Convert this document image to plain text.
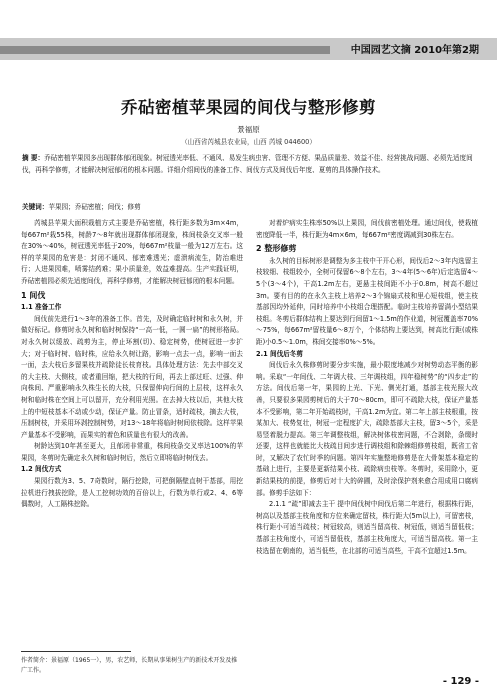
中国园艺文摘 2010年第2期
乔砧密植苹果园的间伐与整形修剪
景福原
（山西省芮城县农业局，山西 芮城 044600）
摘 要：乔砧密植苹果园多出现群体郁闭现象。树冠透光率低、不通风、易发生病虫害、管理不方便、果品质量差、效益不佳、经营挑战问题、必须先适度间伐，再科学修剪，才能解决树冠郁闭的根本问题。详细介绍间伐的准备工作、间伐方式及间伐后年度、夏剪的具体操作技术。
关键词：苹果园；乔砧密植；间伐；修剪

芮城县苹果大面积栽植方式主要是乔砧密植，株行距多数为3m×4m，每667m²栽55株，树龄7～8年就出现群体郁闭现象，株间枝条交叉率一般在30%～40%，树冠透光率低于20%，每667m²枝量一般为12万左右。这样的苹果园的危害是：封闭不通风、郁密难透光；虚溃病流生，防治难进行；人进果园难，喷雾结药难；果小质量差，效益难提高。生产实践证明，乔砧密植园必须先适度间伐，再科学修剪，才能解决树冠郁闭的根本问题。

1 间伐

1.1 准备工作

间伐前先进行1～3年的准备工作。首先，及时确定临时树和永久树，并做好标记。修剪时永久树和临时树保持“一高一低，一圆一扁”的树形格局。对永久树以缓放、疏剪为主，停止环割(切)、稳定树势，使树冠进一步扩大；对于临时树、临时株，应给永久树让路，影响一点去一点，影响一面去一面，去大枝后多留果枝并疏除徒长枝育枝。具体处理方法：先去中部交叉的大主枝、大侧枝，或者重回缩，把大枝的行间，再去上部过旺、过强、伸向株间、严重影响永久株生长的大枝，只保留伸向行间的上层枝，这样永久树和临时株在空间上可以留开，充分利用光照。在去掉大枝以后，其他大枝上的中短枝基本不动或少动，保证产量。防止冒条，适时疏枝，摘去大枝，压制树枝，并采用环剥控制树势，对13～18年将临时树间依枝除。这样苹果产量基本不受影响，而果实的着色和质量也有很大的改善。

树龄达到10年甚至更大，且郁闭非常重，株间枝条交叉率达100%的苹果园，冬剪时先确定永久树和临时树后，然后立即将临时树伐去。

1.2 间伐方式

果园行数为3、5、7奇数时，隔行挖除，可把倒隔壁直树干基部，用挖拉机进行拽拔挖除，是人工挖树功效的百倍以上，行数为单行或2、4、6等偶数时，人工隔株挖除。

对着炉病实生株率50%以上果园，间伐前密植处理。通过间伐，使栽植密度降低一半，株行距为4m×6m，每667m²密度调减到30株左右。

2 整形修剪

永久树的目标树形是调整为多主枝中干开心形，间伐后2～3年内选留主枝较细、枝组较小，全树可保留6～8个左右，3～4年(5～6年)后定选留4～5个(3～4个)，干高1.2m左右，更悬主枝间距不小于0.8m，树高不超过3m。要有目的的在永久主枝上培养2～3个锦扇式枝和里心短枝组，使主枝基部因均外延伸，同时培养中小枝组合理搭配。临时主枝培养留满小型结果枝组。冬剪后群体结构上要达到行间留1～1.5m的作业道，树冠覆盖率70%～75%，每667m²留枝量6～8万个，个体结构上要达到，树高比行距(或株距)小0.5～1.0m，株间交接率0%～5%。

2.1 间伐后冬剪

间伐后永久株修剪时要分步实施，最小限度地减少对树势动态平衡的影响。采取“一年间伐、二年调大枝、三年调枝组，四年稳树势”的“四步走”的方法。间伐后第一年，果园的上光、下光、侧光打通，基部主枝光照大改善，只要很多果园剪树后的大于70～80cm，即可不疏除大枝，保证产量基本不受影响，第二年开始疏枝时，干高1.2m为宜。第二年上部主枝根重，按某加大、枝势复壮，树冠一定程度扩大，疏除基部大主枝，留3～5个，采是易竖着脱力提高。第三年调整枝组，解决树体枝密问题，不合剥除，条缀时还要，这样也就能比大枝疏目间步进行调枝组和除棘组修剪枝组，既省工省时，又解决了农忙时季的问题。第四年实施整地修剪是在大骨架基本稳定的基础上进行，主要是更新结果小枝、疏除病虫枝等。冬剪时，采用除小，更新结果枝的前提，修剪后对十大的碎圃，及时涂保护剂来愈合用成用口腐病部。修剪手法如下：

2.1.1 “疏”即减去主干 提中间伐树中间伐后第二年进行，根据株行距，树高以及基部主枝角度和方位来确定留枝，株行距大(5m以上)，可留密枝，株行距小可适当疏枝；树冠较高，则适当留高枝、树冠低，则适当留低枝；基部主枝角度小，可适当留低枝，基部主枝角度大，可适当留高枝。第一主枝选留在朝南的，适当低些，在北部的可适当高些，干高不宜超过1.5m。

作者简介：景福原（1965一），男，农艺师，长期从事果树生产的新技术开发及推广工作。
- 129 -
